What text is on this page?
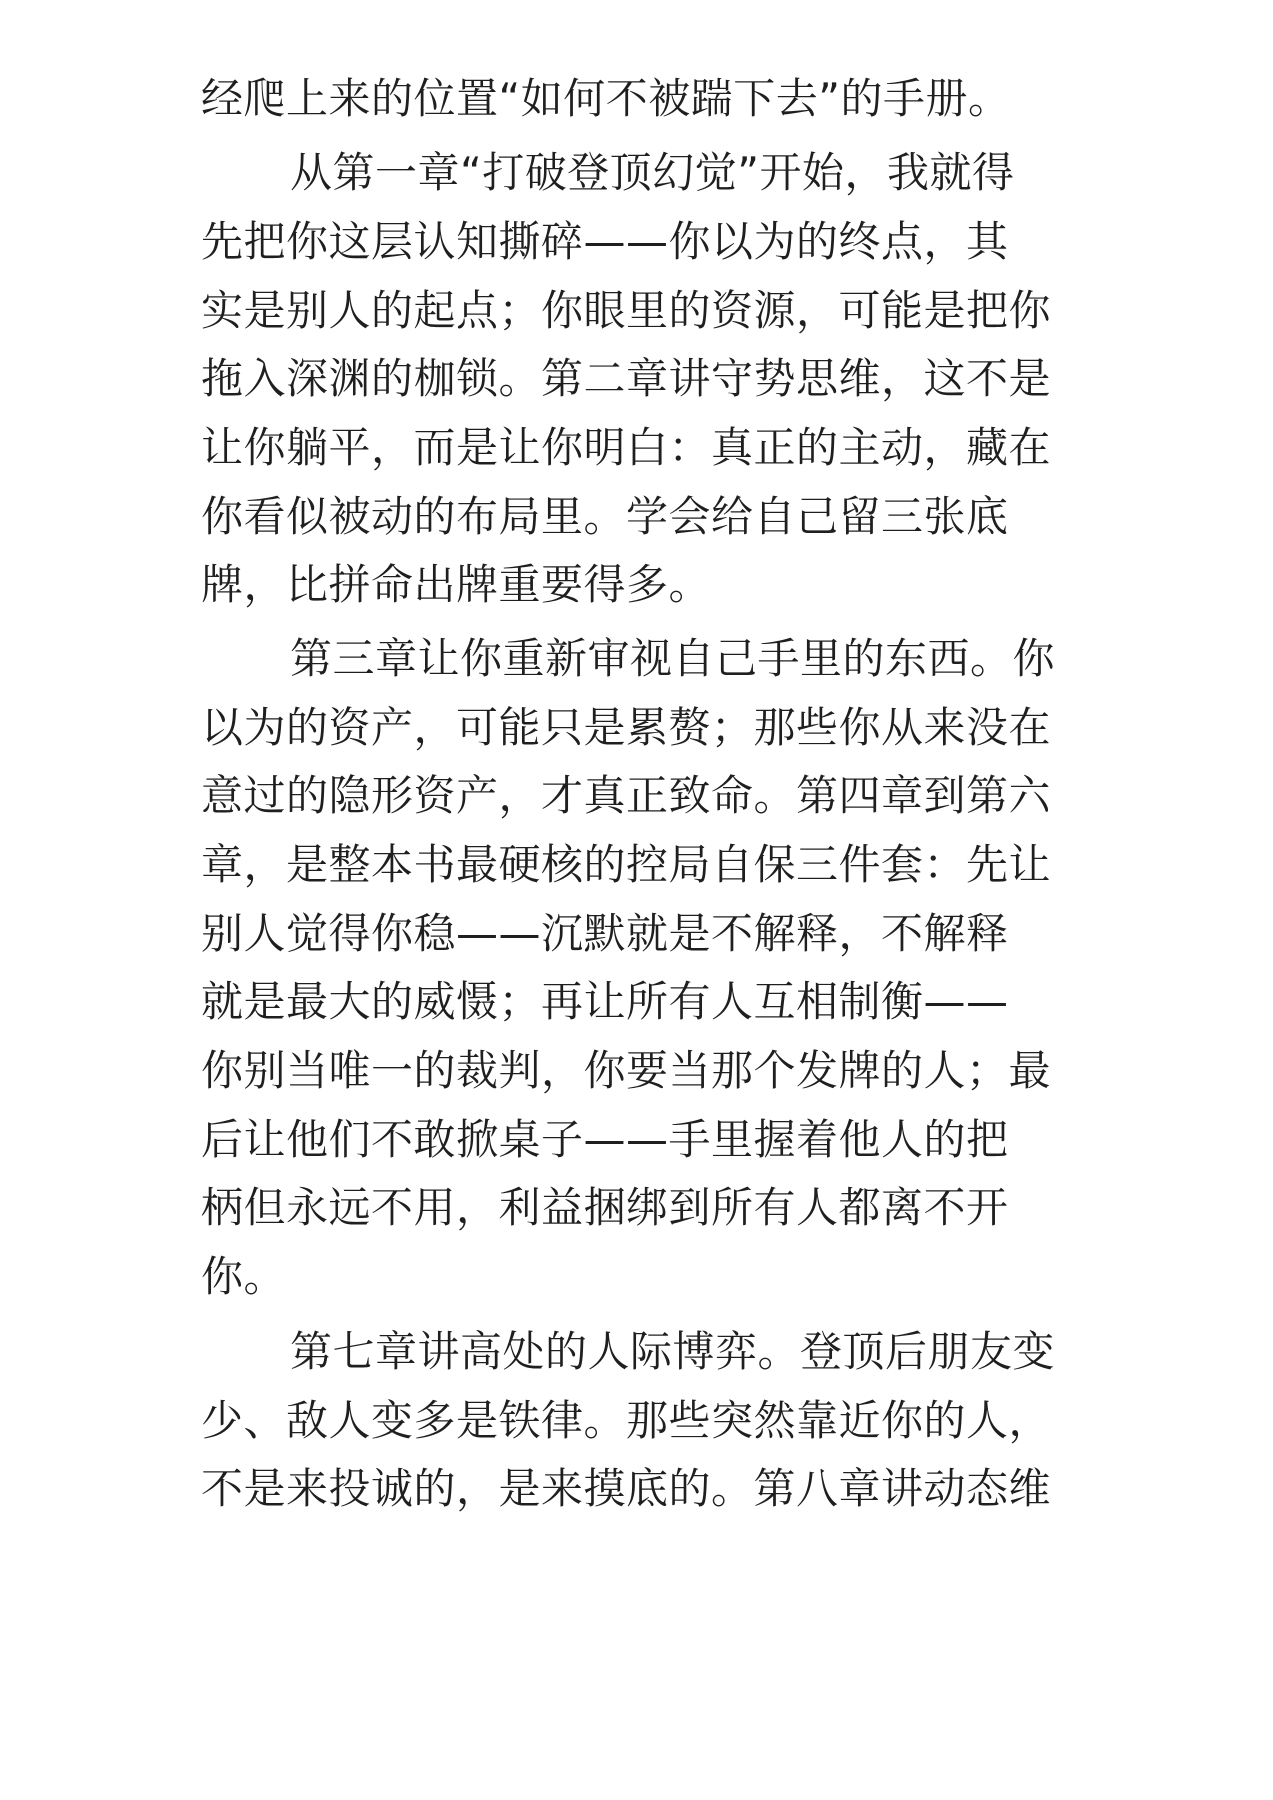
经爬上来的位置“如何不被踹下去”的手册。
从第一章“打破登顶幻觉”开始，我就得
先把你这层认知撕碎——你以为的终点，其
实是别人的起点；你眼里的资源，可能是把你
拖入深渊的枷锁。第二章讲守势思维，这不是
让你躺平，而是让你明白：真正的主动，藏在
你看似被动的布局里。学会给自己留三张底
牌，比拼命出牌重要得多。
第三章让你重新审视自己手里的东西。你
以为的资产，可能只是累赘；那些你从来没在
意过的隐形资产，才真正致命。第四章到第六
章，是整本书最硬核的控局自保三件套：先让
别人觉得你稳——沉默就是不解释，不解释
就是最大的威慑；再让所有人互相制衡——
你别当唯一的裁判，你要当那个发牌的人；最
后让他们不敢掀桌子——手里握着他人的把
柄但永远不用，利益捆绑到所有人都离不开
你。
第七章讲高处的人际博弈。登顶后朋友变
少、敌人变多是铁律。那些突然靠近你的人，
不是来投诚的，是来摸底的。第八章讲动态维
